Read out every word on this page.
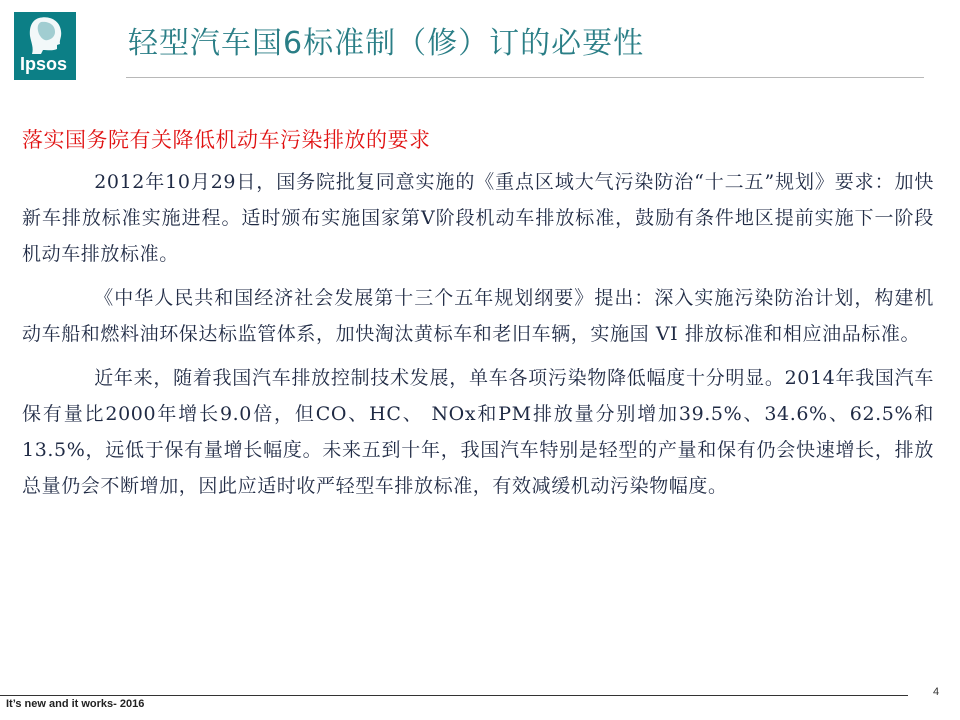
Ipsos
轻型汽车国6标准制（修）订的必要性

落实国务院有关降低机动车污染排放的要求

2012年10月29日，国务院批复同意实施的《重点区域大气污染防治“十二五”规划》要求：加快新车排放标准实施进程。适时颁布实施国家第Ⅴ阶段机动车排放标准，鼓励有条件地区提前实施下一阶段机动车排放标准。

《中华人民共和国经济社会发展第十三个五年规划纲要》提出：深入实施污染防治计划，构建机动车船和燃料油环保达标监管体系，加快淘汰黄标车和老旧车辆，实施国 VI 排放标准和相应油品标准。

近年来，随着我国汽车排放控制技术发展，单车各项污染物降低幅度十分明显。2014年我国汽车保有量比2000年增长9.0倍，但CO、HC、 NOx和PM排放量分别增加39.5%、34.6%、62.5%和13.5%，远低于保有量增长幅度。未来五到十年，我国汽车特别是轻型的产量和保有仍会快速增长，排放总量仍会不断增加，因此应适时收严轻型车排放标准，有效减缓机动污染物幅度。

It’s new and it works- 2016
4
